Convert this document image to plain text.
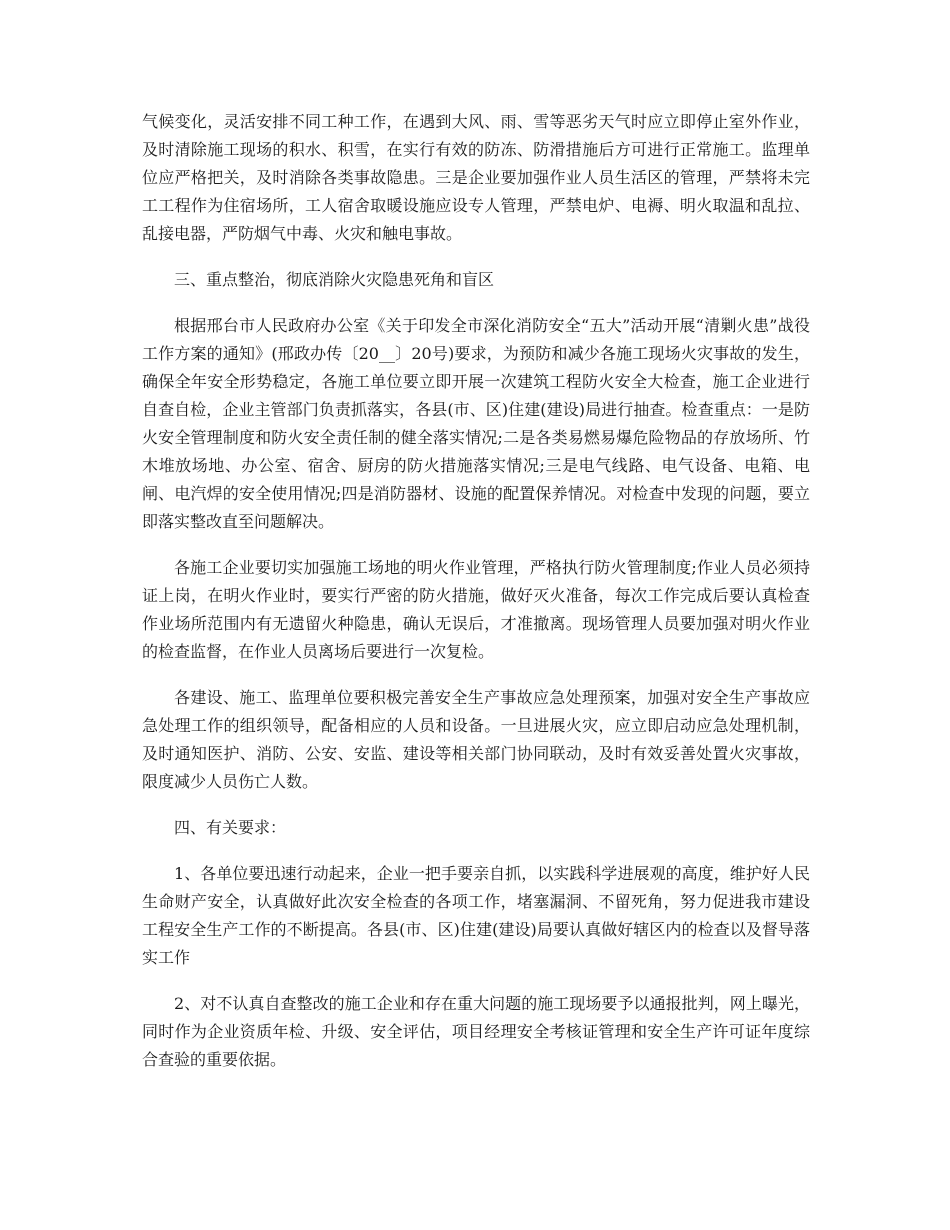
气候变化，灵活安排不同工种工作，在遇到大风、雨、雪等恶劣天气时应立即停止室外作业，及时清除施工现场的积水、积雪，在实行有效的防冻、防滑措施后方可进行正常施工。监理单位应严格把关，及时消除各类事故隐患。三是企业要加强作业人员生活区的管理，严禁将未完工工程作为住宿场所，工人宿舍取暖设施应设专人管理，严禁电炉、电褥、明火取温和乱拉、乱接电器，严防烟气中毒、火灾和触电事故。

三、重点整治，彻底消除火灾隐患死角和盲区

根据邢台市人民政府办公室《关于印发全市深化消防安全“五大”活动开展“清剿火患”战役工作方案的通知》(邢政办传〔20__〕20号)要求，为预防和减少各施工现场火灾事故的发生，确保全年安全形势稳定，各施工单位要立即开展一次建筑工程防火安全大检查，施工企业进行自查自检，企业主管部门负责抓落实，各县(市、区)住建(建设)局进行抽查。检查重点：一是防火安全管理制度和防火安全责任制的健全落实情况;二是各类易燃易爆危险物品的存放场所、竹木堆放场地、办公室、宿舍、厨房的防火措施落实情况;三是电气线路、电气设备、电箱、电闸、电汽焊的安全使用情况;四是消防器材、设施的配置保养情况。对检查中发现的问题，要立即落实整改直至问题解决。

各施工企业要切实加强施工场地的明火作业管理，严格执行防火管理制度;作业人员必须持证上岗，在明火作业时，要实行严密的防火措施，做好灭火准备，每次工作完成后要认真检查作业场所范围内有无遗留火种隐患，确认无误后，才准撤离。现场管理人员要加强对明火作业的检查监督，在作业人员离场后要进行一次复检。

各建设、施工、监理单位要积极完善安全生产事故应急处理预案，加强对安全生产事故应急处理工作的组织领导，配备相应的人员和设备。一旦进展火灾，应立即启动应急处理机制，及时通知医护、消防、公安、安监、建设等相关部门协同联动，及时有效妥善处置火灾事故，限度减少人员伤亡人数。

四、有关要求：

1、各单位要迅速行动起来，企业一把手要亲自抓，以实践科学进展观的高度，维护好人民生命财产安全，认真做好此次安全检查的各项工作，堵塞漏洞、不留死角，努力促进我市建设工程安全生产工作的不断提高。各县(市、区)住建(建设)局要认真做好辖区内的检查以及督导落实工作

2、对不认真自查整改的施工企业和存在重大问题的施工现场要予以通报批判，网上曝光，同时作为企业资质年检、升级、安全评估，项目经理安全考核证管理和安全生产许可证年度综合查验的重要依据。
